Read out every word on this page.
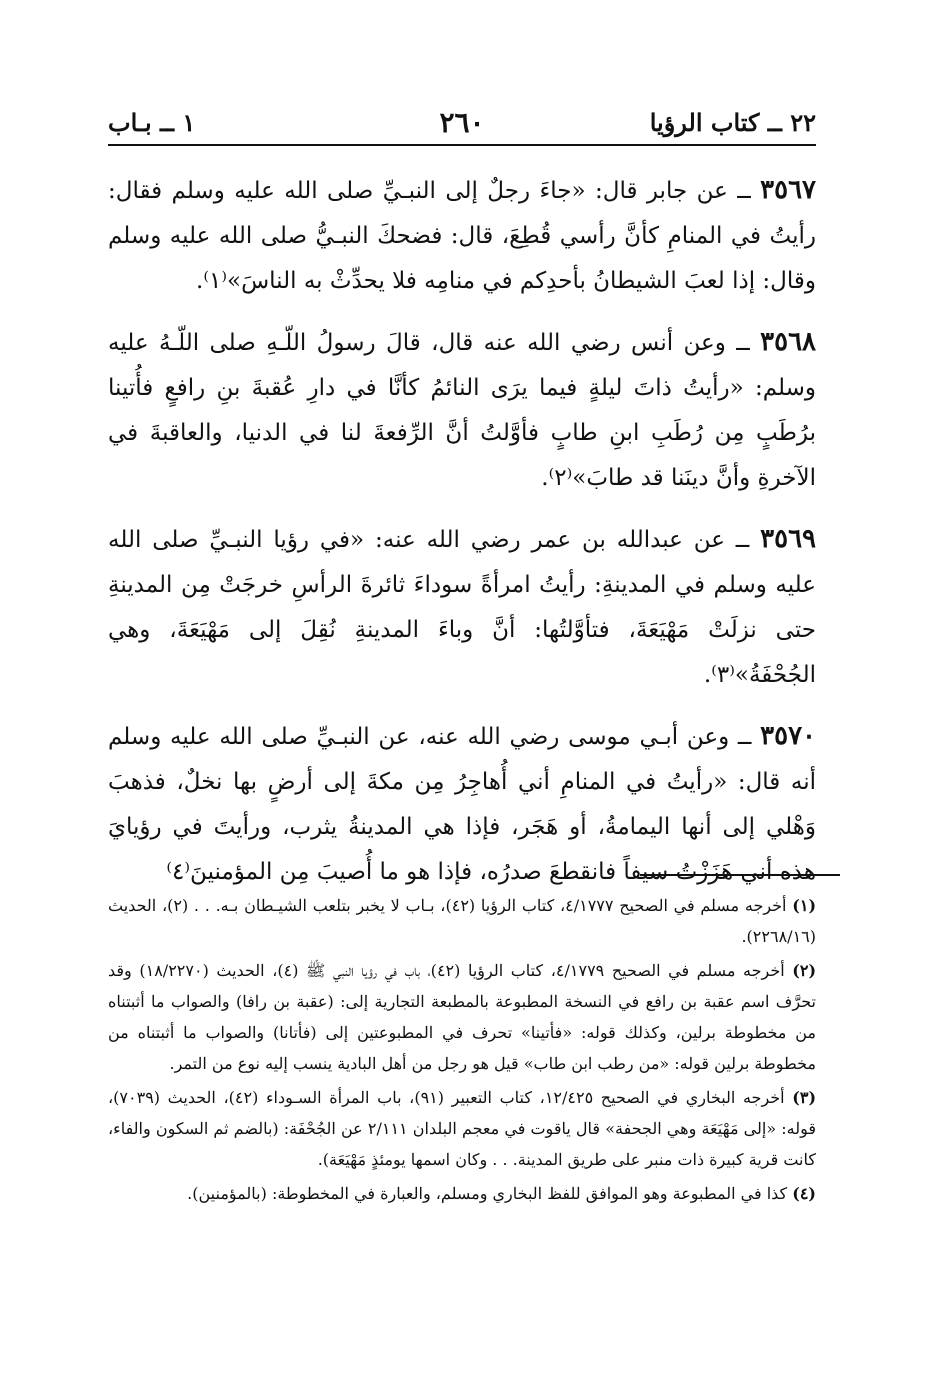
٢٢ ــ كتاب الرؤيا
٢٦٠
١ ــ بـاب

٣٥٦٧ ــ عن جابر قال: «جاءَ رجلٌ إلى النبـيِّ صلى الله عليه وسلم فقال: رأيتُ في المنامِ كأنَّ رأسي قُطِعَ، قال: فضحكَ النبـيُّ صلى الله عليه وسلم وقال: إذا لعبَ الشيطانُ بأحدِكم في منامِه فلا يحدِّثْ به الناسَ»⁽١⁾.

٣٥٦٨ ــ وعن أنس رضي الله عنه قال، قالَ رسولُ اللّـهِ صلى اللّـهُ عليه وسلم: «رأيتُ ذاتَ ليلةٍ فيما يرَى النائمُ كأنَّا في دارِ عُقبةَ بنِ رافعٍ فأُتينا برُطَبٍ مِن رُطَبِ ابنِ طابٍ فأوَّلتُ أنَّ الرِّفعةَ لنا في الدنيا، والعاقبةَ في الآخرةِ وأنَّ دينَنا قد طابَ»⁽٢⁾.

٣٥٦٩ ــ عن عبدالله بن عمر رضي الله عنه: «في رؤيا النبـيِّ صلى الله عليه وسلم في المدينةِ: رأيتُ امرأةً سوداءَ ثائرةَ الرأسِ خرجَتْ مِن المدينةِ حتى نزلَتْ مَهْيَعَةَ، فتأوَّلتُها: أنَّ وباءَ المدينةِ نُقِلَ إلى مَهْيَعَةَ، وهي الجُحْفَةُ»⁽٣⁾.

٣٥٧٠ ــ وعن أبـي موسى رضي الله عنه، عن النبـيِّ صلى الله عليه وسلم أنه قال: «رأيتُ في المنامِ أني أُهاجِرُ مِن مكةَ إلى أرضٍ بها نخلٌ، فذهبَ وَهْلي إلى أنها اليمامةُ، أو هَجَر، فإذا هي المدينةُ يثرب، ورأيتَ في رؤيايَ هذه أني هَزَزْتُ سيفاً فانقطعَ صدرُه، فإذا هو ما أُصيبَ مِن المؤمنينَ⁽٤⁾

(١) أخرجه مسلم في الصحيح ٤/١٧٧٧، كتاب الرؤيا (٤٢)، بـاب لا يخبر بتلعب الشيـطان بـه. . . (٢)، الحديث (٢٢٦٨/١٦).

(٢) أخرجه مسلم في الصحيح ٤/١٧٧٩، كتاب الرؤيا (٤٢)، باب في رؤيا النبي ﷺ (٤)، الحديث (١٨/٢٢٧٠) وقد تحرَّف اسم عقبة بن رافع في النسخة المطبوعة بالمطبعة التجارية إلى: (عقبة بن رافا) والصواب ما أثبتناه من مخطوطة برلين، وكذلك قوله: «فأتينا» تحرف في المطبوعتين إلى (فأتانا) والصواب ما أثبتناه من مخطوطة برلين قوله: «من رطب ابن طاب» قيل هو رجل من أهل البادية ينسب إليه نوع من التمر.

(٣) أخرجه البخاري في الصحيح ١٢/٤٢٥، كتاب التعبير (٩١)، باب المرأة السـوداء (٤٢)، الحديث (٧٠٣٩)، قوله: «إلى مَهْيَعَة وهي الجحفة» قال ياقوت في معجم البلدان ٢/١١١ عن الجُحْفَة: (بالضم ثم السكون والفاء، كانت قرية كبيرة ذات منبر على طريق المدينة. . . وكان اسمها يومئذٍ مَهْيَعَة).

(٤) كذا في المطبوعة وهو الموافق للفظ البخاري ومسلم، والعبارة في المخطوطة: (بالمؤمنين).
